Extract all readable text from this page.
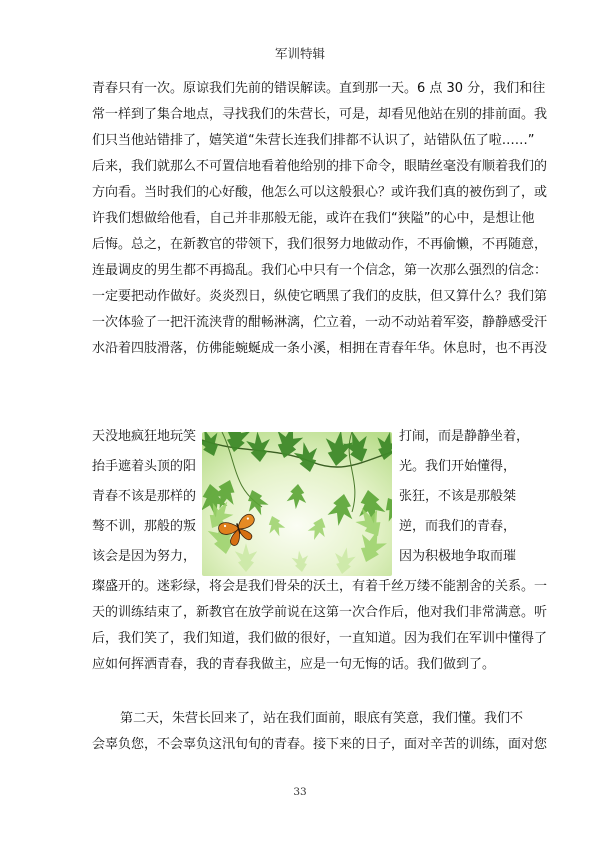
军训特辑
青春只有一次。原谅我们先前的错误解读。直到那一天。6 点 30 分，我们和往
常一样到了集合地点，寻找我们的朱营长，可是，却看见他站在别的排前面。我
们只当他站错排了，嬉笑道“朱营长连我们排都不认识了，站错队伍了啦……”
后来，我们就那么不可置信地看着他给别的排下命令，眼睛丝毫没有顺着我们的
方向看。当时我们的心好酸，他怎么可以这般狠心？或许我们真的被伤到了，或
许我们想做给他看，自己并非那般无能，或许在我们“狭隘”的心中，是想让他
后悔。总之，在新教官的带领下，我们很努力地做动作，不再偷懒，不再随意，
连最调皮的男生都不再捣乱。我们心中只有一个信念，第一次那么强烈的信念：
一定要把动作做好。炎炎烈日，纵使它晒黑了我们的皮肤，但又算什么？我们第
一次体验了一把汗流浃背的酣畅淋漓，伫立着，一动不动站着军姿，静静感受汗
水沿着四肢滑落，仿佛能蜿蜒成一条小溪，相拥在青春年华。休息时，也不再没
天没地疯狂地玩笑	打闹，而是静静坐着，
抬手遮着头顶的阳	光。我们开始懂得，
青春不该是那样的	张狂，不该是那般桀
骜不训，那般的叛	逆，而我们的青春，
该会是因为努力，	因为积极地争取而璀
璨盛开的。迷彩绿，将会是我们骨朵的沃土，有着千丝万缕不能割舍的关系。一
天的训练结束了，新教官在放学前说在这第一次合作后，他对我们非常满意。听
后，我们笑了，我们知道，我们做的很好，一直知道。因为我们在军训中懂得了
应如何挥洒青春，我的青春我做主，应是一句无悔的话。我们做到了。
第二天，朱营长回来了，站在我们面前，眼底有笑意，我们懂。我们不
会辜负您，不会辜负这汛旬旬的青春。接下来的日子，面对辛苦的训练，面对您
33
